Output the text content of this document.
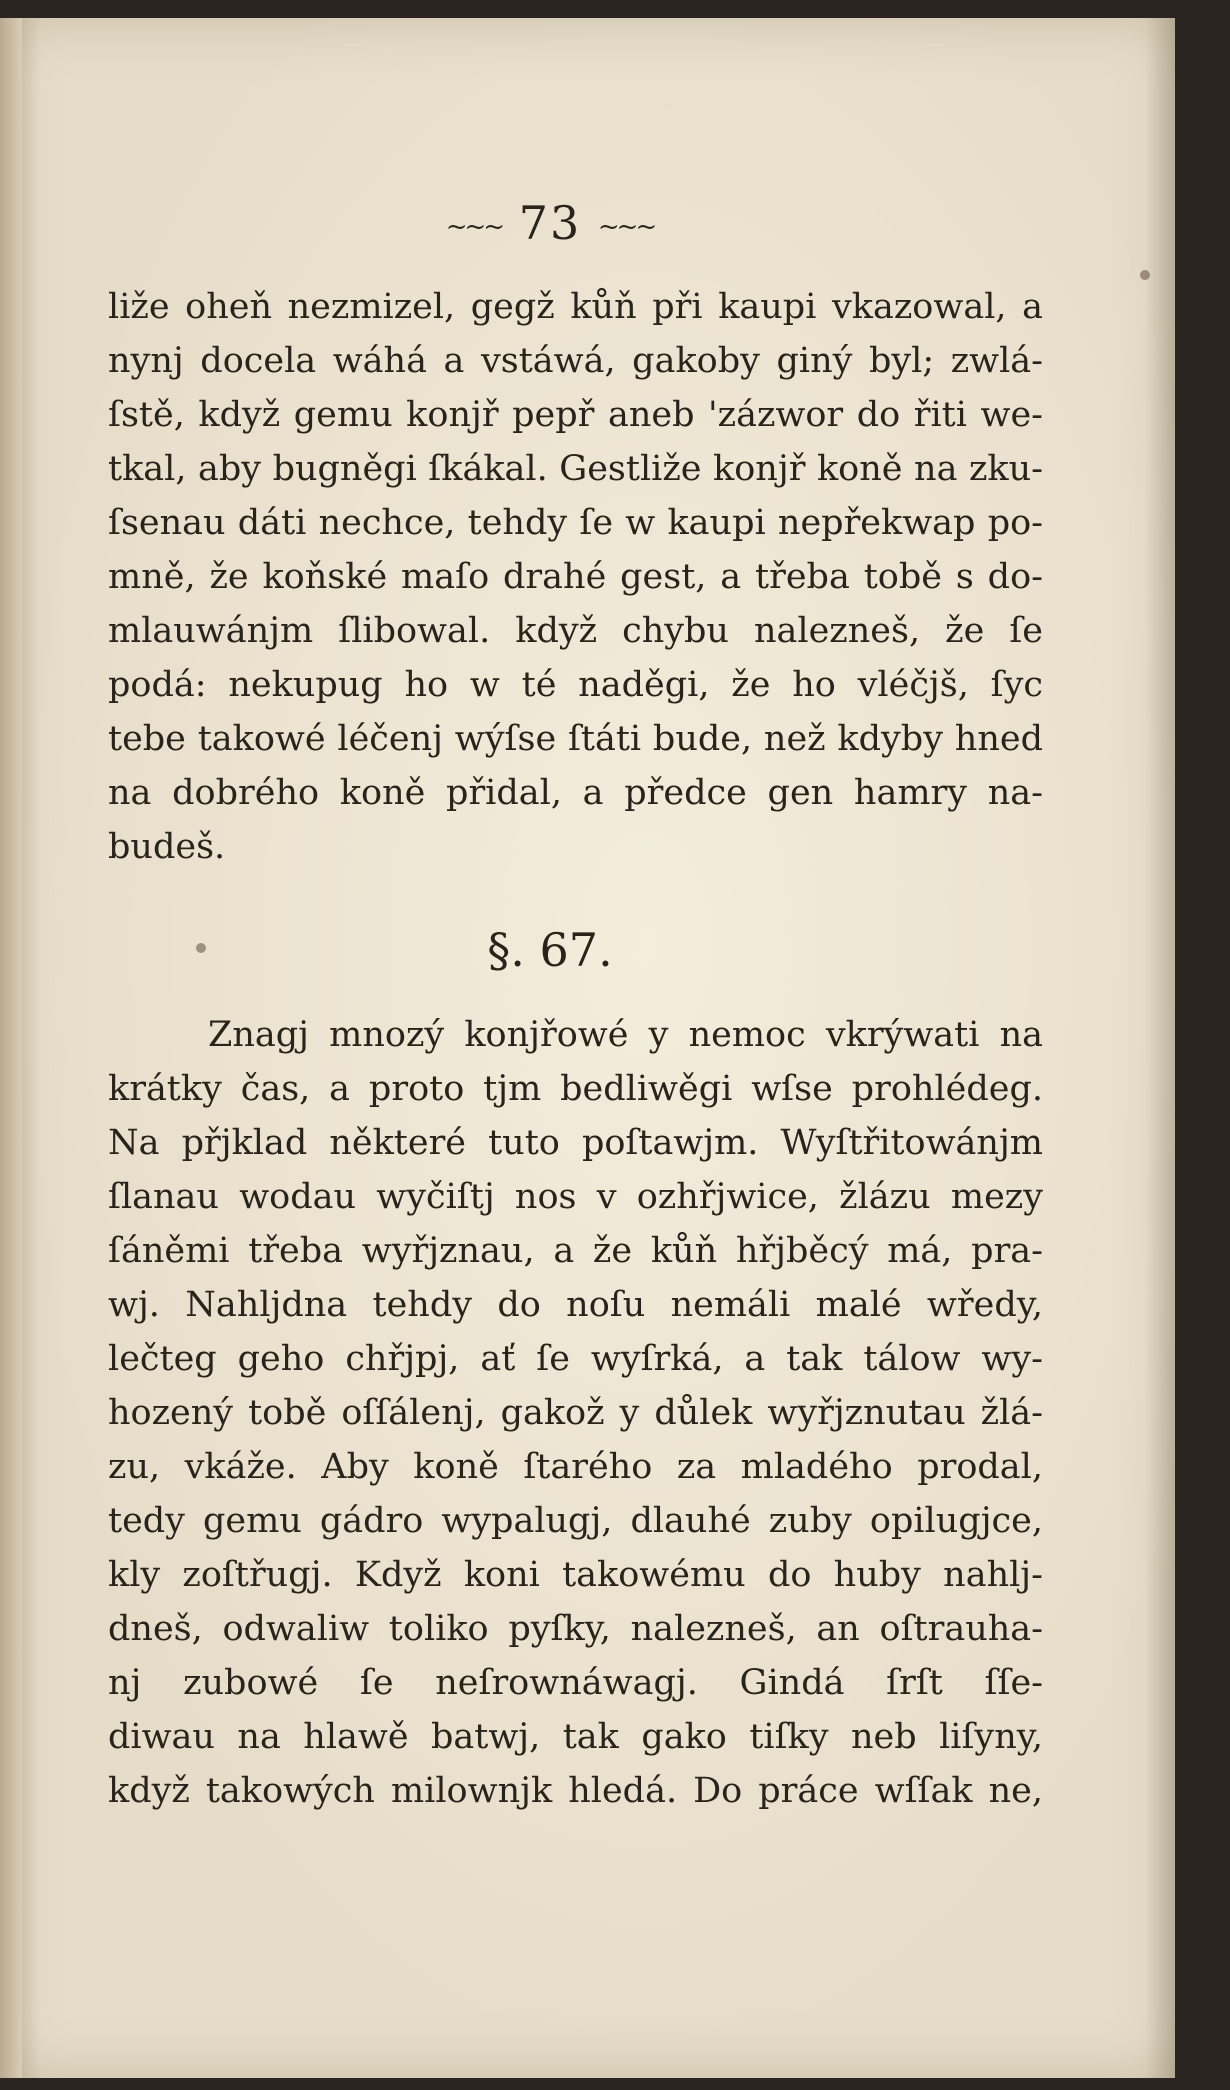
~~~ 73 ~~~
liže oheň nezmizel, gegž kůň při kaupi vkazowal, a
nynj docela wáhá a vstáwá, gakoby giný byl; zwlá-
ſstě, když gemu konjř pepř aneb 'zázwor do řiti we-
tkal, aby bugněgi ſkákal. Gestliže konjř koně na zku-
ſsenau dáti nechce, tehdy ſe w kaupi nepřekwap po-
mně, že koňské maſo drahé gest, a třeba tobě s do-
mlauwánjm ſlibowal. když chybu nalezneš, že ſe
podá: nekupug ho w té naděgi, že ho vléčjš, ſyc
tebe takowé léčenj wýſse ſtáti bude, než kdyby hned
na dobrého koně přidal, a předce gen hamry na-
budeš.
§. 67.
Znagj mnozý konjřowé y nemoc vkrýwati na
krátky čas, a proto tjm bedliwěgi wſse prohlédeg.
Na přjklad některé tuto poſtawjm. Wyſtřitowánjm
ſlanau wodau wyčiſtj nos v ozhřjwice, žlázu mezy
ſáněmi třeba wyřjznau, a že kůň hřjběcý má, pra-
wj. Nahljdna tehdy do noſu nemáli malé wředy,
lečteg geho chřjpj, ať ſe wyſrká, a tak tálow wy-
hozený tobě oſſálenj, gakož y důlek wyřjznutau žlá-
zu, vkáže. Aby koně ſtarého za mladého prodal,
tedy gemu gádro wypalugj, dlauhé zuby opilugjce,
kly zoſtřugj. Když koni takowému do huby nahlj-
dneš, odwaliw toliko pyſky, nalezneš, an oſtrauha-
nj zubowé ſe neſrownáwagj. Gindá ſrſt ſſe-
diwau na hlawě batwj, tak gako tiſky neb liſyny,
když takowých milownjk hledá. Do práce wſſak ne,
